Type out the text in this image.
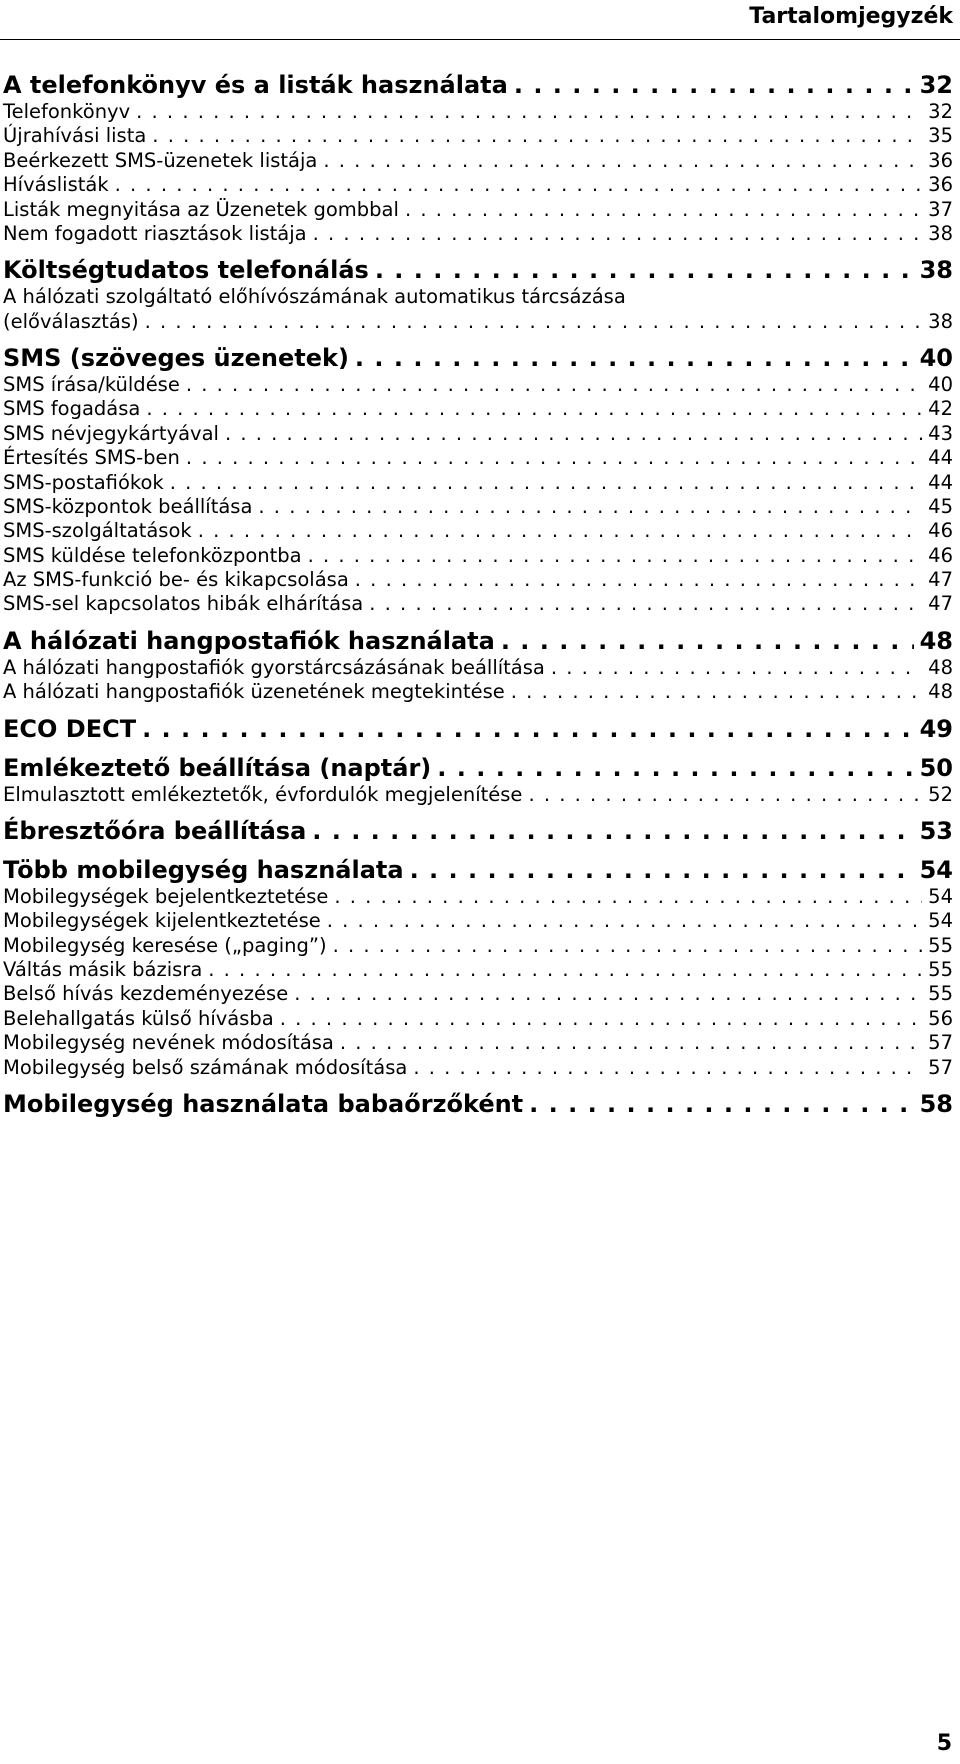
Tartalomjegyzék
A telefonkönyv és a listák használata . . .	32
Telefonkönyv . . .	32
Újrahívási lista . . .	35
Beérkezett SMS-üzenetek listája . . .	36
Híváslisták . . .	36
Listák megnyitása az Üzenetek gombbal . . .	37
Nem fogadott riasztások listája . . .	38
Költségtudatos telefonálás . . .	38
A hálózati szolgáltató előhívószámának automatikus tárcsázása
(előválasztás) . . .	38
SMS (szöveges üzenetek) . . .	40
SMS írása/küldése . . .	40
SMS fogadása . . .	42
SMS névjegykártyával . . .	43
Értesítés SMS-ben . . .	44
SMS-postafiókok . . .	44
SMS-központok beállítása . . .	45
SMS-szolgáltatások . . .	46
SMS küldése telefonközpontba . . .	46
Az SMS-funkció be- és kikapcsolása . . .	47
SMS-sel kapcsolatos hibák elhárítása . . .	47
A hálózati hangpostafiók használata . . .	48
A hálózati hangpostafiók gyorstárcsázásának beállítása . . .	48
A hálózati hangpostafiók üzenetének megtekintése . . .	48
ECO DECT . . .	49
Emlékeztető beállítása (naptár) . . .	50
Elmulasztott emlékeztetők, évfordulók megjelenítése . . .	52
Ébresztőóra beállítása . . .	53
Több mobilegység használata . . .	54
Mobilegységek bejelentkeztetése . . .	54
Mobilegységek kijelentkeztetése . . .	54
Mobilegység keresése („paging”) . . .	55
Váltás másik bázisra . . .	55
Belső hívás kezdeményezése . . .	55
Belehallgatás külső hívásba . . .	56
Mobilegység nevének módosítása . . .	57
Mobilegység belső számának módosítása . . .	57
Mobilegység használata babaőrzőként . . .	58
5
